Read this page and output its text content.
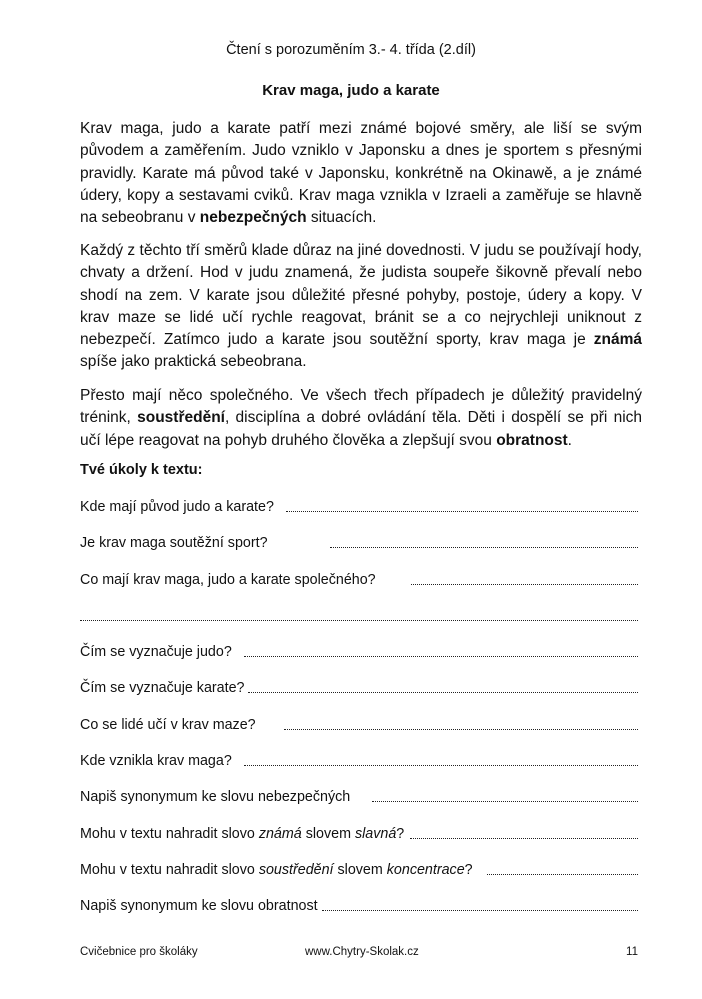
Čtení s porozuměním 3.- 4. třída (2.díl)
Krav maga, judo a karate

Krav maga, judo a karate patří mezi známé bojové směry, ale liší se svým původem a zaměřením. Judo vzniklo v Japonsku a dnes je sportem s přesnými pravidly. Karate má původ také v Japonsku, konkrétně na Okinawě, a je známé údery, kopy a sestavami cviků. Krav maga vznikla v Izraeli a zaměřuje se hlavně na sebeobranu v nebezpečných situacích.

Každý z těchto tří směrů klade důraz na jiné dovednosti. V judu se používají hody, chvaty a držení. Hod v judu znamená, že judista soupeře šikovně převalí nebo shodí na zem. V karate jsou důležité přesné pohyby, postoje, údery a kopy. V krav maze se lidé učí rychle reagovat, bránit se a co nejrychleji uniknout z nebezpečí. Zatímco judo a karate jsou soutěžní sporty, krav maga je známá spíše jako praktická sebeobrana.

Přesto mají něco společného. Ve všech třech případech je důležitý pravidelný trénink, soustředění, disciplína a dobré ovládání těla. Děti i dospělí se při nich učí lépe reagovat na pohyb druhého člověka a zlepšují svou obratnost.

Tvé úkoly k textu:
Kde mají původ judo a karate?
Je krav maga soutěžní sport?
Co mají krav maga, judo a karate společného?
Čím se vyznačuje judo?
Čím se vyznačuje karate?
Co se lidé učí v krav maze?
Kde vznikla krav maga?
Napiš synonymum ke slovu nebezpečných
Mohu v textu nahradit slovo známá slovem slavná?
Mohu v textu nahradit slovo soustředění slovem koncentrace?
Napiš synonymum ke slovu obratnost
Cvičebnice pro školáky	www.Chytry-Skolak.cz	11
